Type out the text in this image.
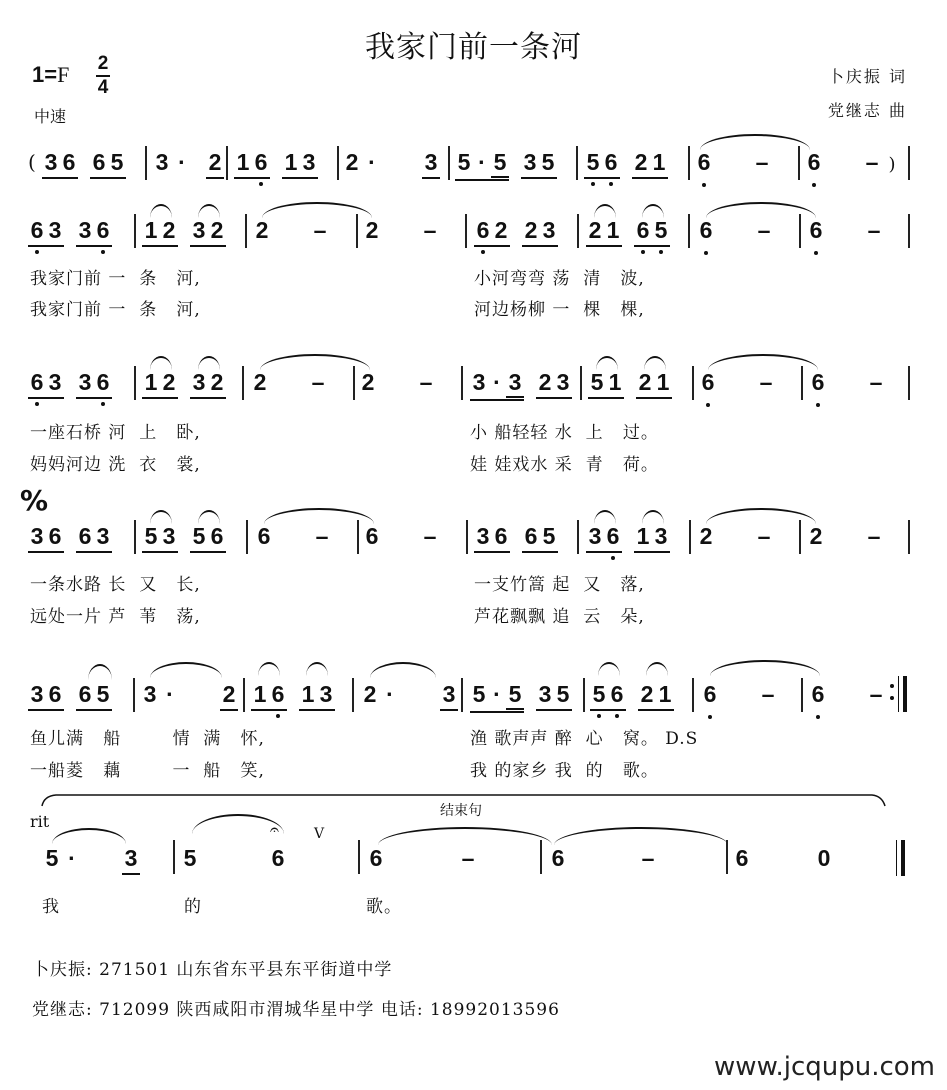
我家门前一条河
1=F 2
4
中速
卜庆振 词
党继志 曲
( 3 6 6 5	3 · 2 1 6 1 3	2 · 3 5 · 5 3 5	5 6 2 1	6 – 6 – )
6 3 3 6	1 2 3 2	2 – 2 – 6 2 2 3	2 1 6 5	6 – 6 –
我家门前 一  条   河,	小河弯弯 荡  清   波,
我家门前 一  条   河,	河边杨柳 一  棵   棵,
6 3 3 6	1 2 3 2	2 – 2 – 3 · 3 2 3 5 1 2 1	6 – 6 –
一座石桥 河  上   卧,	小 船轻轻 水  上   过。
妈妈河边 洗  衣   裳,	娃 娃戏水 采  青   荷。
%
3 6 6 3	5 3 5 6	6 – 6 – 3 6 6 5	3 6 1 3	2 – 2 –
一条水路 长  又   长,	一支竹篙 起  又   落,
远处一片 芦  苇   荡,	芦花飘飘 追  云   朵,
3 6 6 5	3 · 2 1 6 1 3	2 · 3 5 · 5 3 5	5 6 2 1	6 – 6 –
鱼儿满   船        情  满   怀,	渔 歌声声 醉  心   窝。 D.S
一船菱   藕        一  船   笑,	我 的家乡 我  的   歌。
结束句
rit
V
5 · 3	5	6
𝄐
6	–	6	–	6	0
我	的	歌。
卜庆振: 271501 山东省东平县东平街道中学
党继志: 712099 陕西咸阳市渭城华星中学 电话: 18992013596
www.jcqupu.com
